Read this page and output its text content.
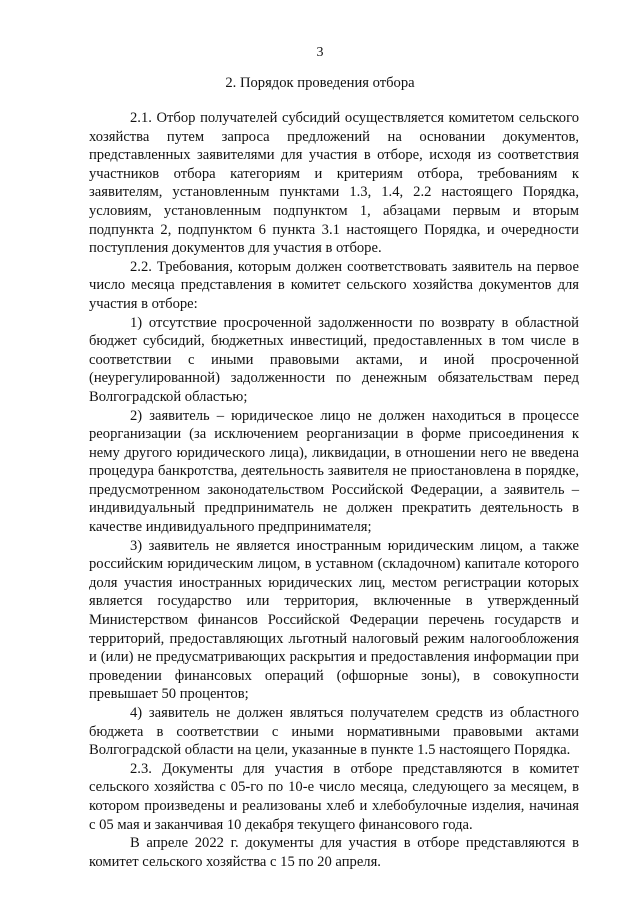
3
2. Порядок проведения отбора

2.1. Отбор получателей субсидий осуществляется комитетом сельского хозяйства путем запроса предложений на основании документов, представленных заявителями для участия в отборе, исходя из соответствия участников отбора категориям и критериям отбора, требованиям к заявителям, установленным пунктами 1.3, 1.4, 2.2 настоящего Порядка, условиям, установленным подпунктом 1, абзацами первым и вторым подпункта 2, подпунктом 6 пункта 3.1 настоящего Порядка, и очередности поступления документов для участия в отборе.

2.2. Требования, которым должен соответствовать заявитель на первое число месяца представления в комитет сельского хозяйства документов для участия в отборе:

1) отсутствие просроченной задолженности по возврату в областной бюджет субсидий, бюджетных инвестиций, предоставленных в том числе в соответствии с иными правовыми актами, и иной просроченной (неурегулированной) задолженности по денежным обязательствам перед Волгоградской областью;

2) заявитель – юридическое лицо не должен находиться в процессе реорганизации (за исключением реорганизации в форме присоединения к нему другого юридического лица), ликвидации, в отношении него не введена процедура банкротства, деятельность заявителя не приостановлена в порядке, предусмотренном законодательством Российской Федерации, а заявитель – индивидуальный предприниматель не должен прекратить деятельность в качестве индивидуального предпринимателя;

3) заявитель не является иностранным юридическим лицом, а также российским юридическим лицом, в уставном (складочном) капитале которого доля участия иностранных юридических лиц, местом регистрации которых является государство или территория, включенные в утвержденный Министерством финансов Российской Федерации перечень государств и территорий, предоставляющих льготный налоговый режим налогообложения и (или) не предусматривающих раскрытия и предоставления информации при проведении финансовых операций (офшорные зоны), в совокупности превышает 50 процентов;

4) заявитель не должен являться получателем средств из областного бюджета в соответствии с иными нормативными правовыми актами Волгоградской области на цели, указанные в пункте 1.5 настоящего Порядка.

2.3. Документы для участия в отборе представляются в комитет сельского хозяйства с 05-го по 10-е число месяца, следующего за месяцем, в котором произведены и реализованы хлеб и хлебобулочные изделия, начиная с 05 мая и заканчивая 10 декабря текущего финансового года.

В апреле 2022 г. документы для участия в отборе представляются в комитет сельского хозяйства с 15 по 20 апреля.
